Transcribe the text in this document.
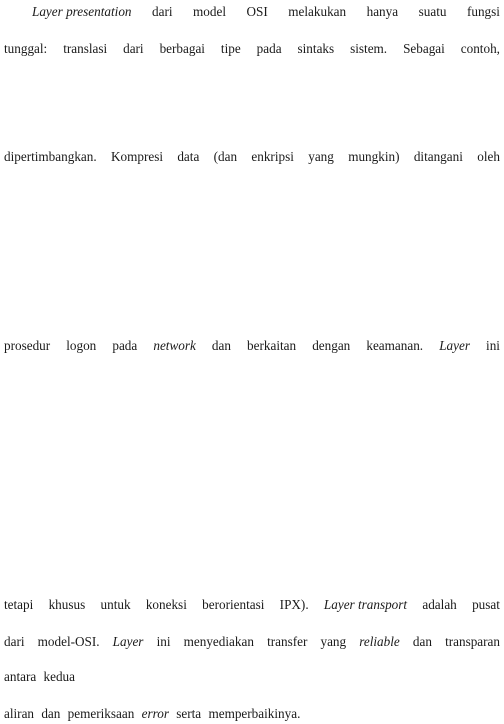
Layer presentation dari model OSI melakukan hanya suatu fungsi
tunggal: translasi dari berbagai tipe pada sintaks sistem. Sebagai contoh,
dipertimbangkan. Kompresi data (dan enkripsi yang mungkin) ditangani oleh
prosedur logon pada network dan berkaitan dengan keamanan. Layer ini
tetapi khusus untuk koneksi berorientasi IPX). Layer transport adalah pusat
dari model-OSI. Layer ini menyediakan transfer yang reliable dan transparan
antara kedua
aliran dan pemeriksaan error serta memperbaikinya.
